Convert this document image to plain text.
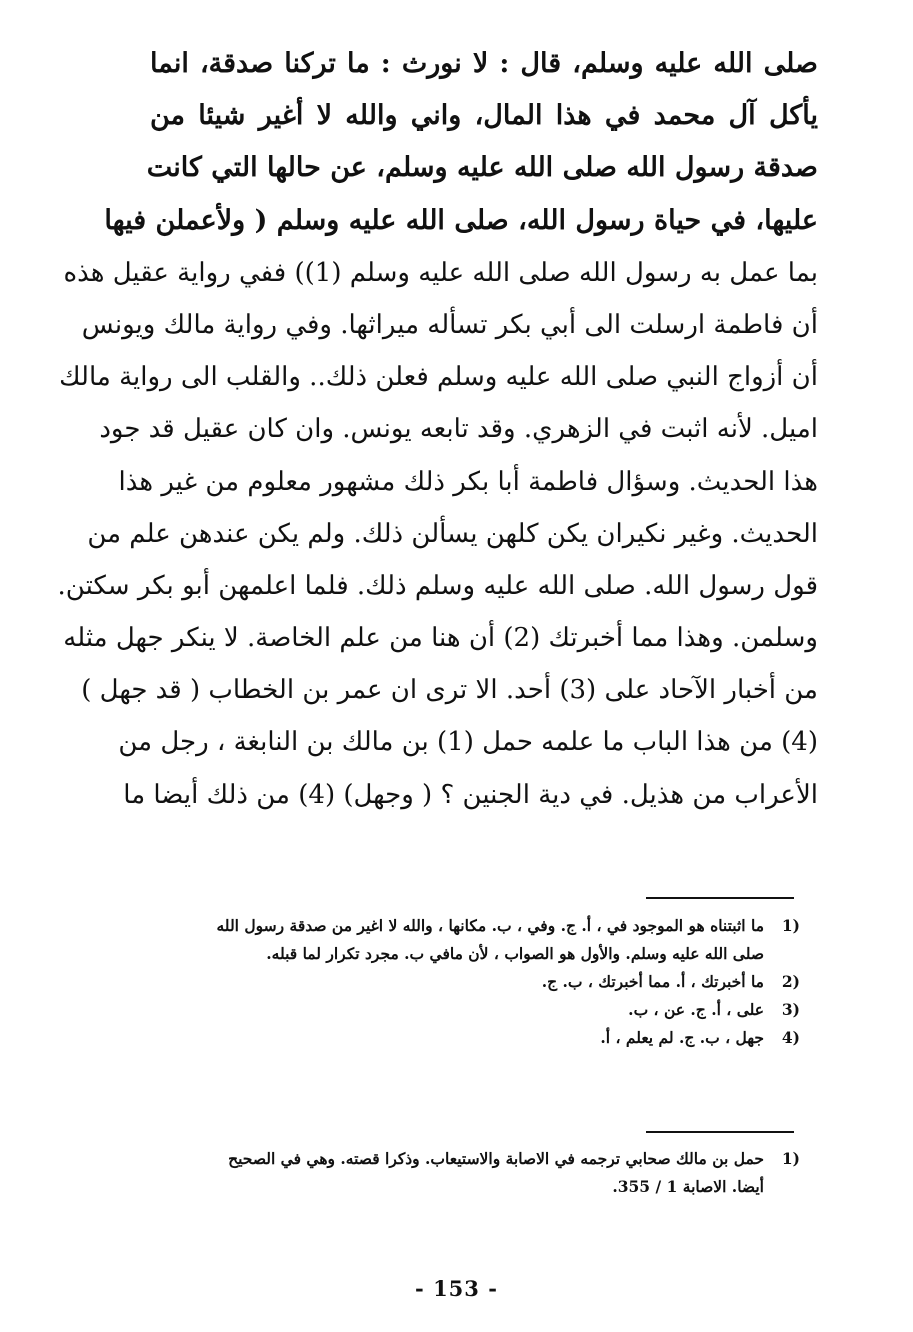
صلى الله عليه وسلم، قال : لا نورث : ما تركنا صدقة، انما
يأكل آل محمد في هذا المال، واني والله لا أغير شيئا من
صدقة رسول الله صلى الله عليه وسلم، عن حالها التي كانت
عليها، في حياة رسول الله، صلى الله عليه وسلم ( ولأعملن فيها
بما عمل به رسول الله صلى الله عليه وسلم (1)) ففي رواية عقيل هذه
أن فاطمة ارسلت الى أبي بكر تسأله ميراثها. وفي رواية مالك ويونس
أن أزواج النبي صلى الله عليه وسلم فعلن ذلك.. والقلب الى رواية مالك
اميل. لأنه اثبت في الزهري. وقد تابعه يونس. وان كان عقيل قد جود
هذا الحديث. وسؤال فاطمة أبا بكر ذلك مشهور معلوم من غير هذا
الحديث. وغير نكيران يكن كلهن يسألن ذلك. ولم يكن عندهن علم من
قول رسول الله. صلى الله عليه وسلم ذلك. فلما اعلمهن أبو بكر سكتن.
وسلمن. وهذا مما أخبرتك (2) أن هنا من علم الخاصة. لا ينكر جهل مثله
من أخبار الآحاد على (3) أحد. الا ترى ان عمر بن الخطاب ( قد جهل )
(4) من هذا الباب ما علمه حمل (1) بن مالك بن النابغة ، رجل من
الأعراب من هذيل. في دية الجنين ؟ ( وجهل) (4) من ذلك أيضا ما
1)
ما اثبتناه هو الموجود في ، أ. ج. وفي ، ب. مكانها ، والله لا اغير من صدقة رسول الله
صلى الله عليه وسلم. والأول هو الصواب ، لأن مافي ب. مجرد تكرار لما قبله.
2)
ما أخبرتك ، أ. مما أخبرتك ، ب. ج.
3)
على ، أ. ج. عن ، ب.
4)
جهل ، ب. ج. لم يعلم ، أ.
1)
حمل بن مالك صحابي ترجمه في الاصابة والاستيعاب. وذكرا قصته. وهي في الصحيح
أيضا. الاصابة 1 / 355.
- 153 -
